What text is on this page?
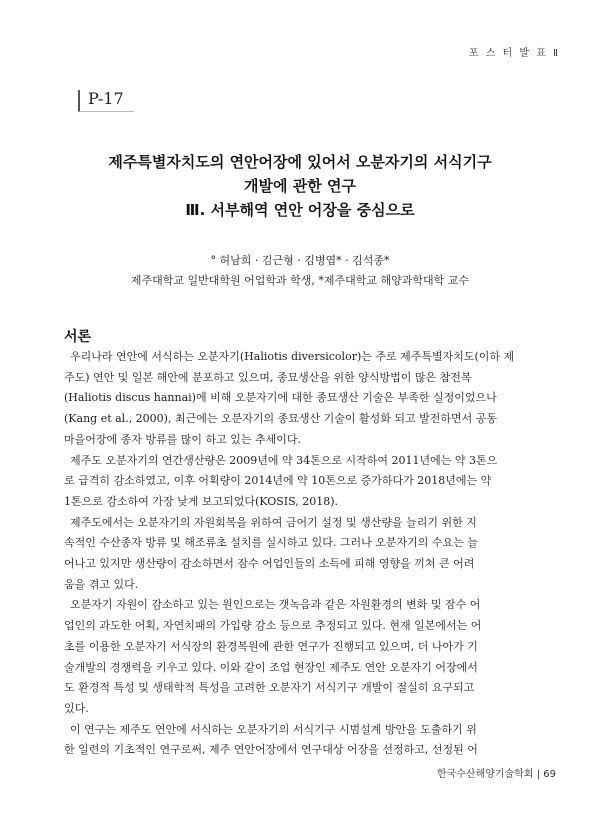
포 스 터 발 표 Ⅱ
P-17
제주특별자치도의 연안어장에 있어서 오분자기의 서식기구
개발에 관한 연구
Ⅲ. 서부해역 연안 어장을 중심으로
° 허남희 · 김근형 · 김병엽* · 김석종*
제주대학교 일반대학원 어업학과 학생, *제주대학교 해양과학대학 교수
서론
우리나라 연안에 서식하는 오분자기(Haliotis diversicolor)는 주로 제주특별자치도(이하 제
주도) 연안 및 일본 해안에 분포하고 있으며, 종묘생산을 위한 양식방법이 많은 참전복
(Haliotis discus hannai)에 비해 오분자기에 대한 종묘생산 기술은 부족한 실정이었으나
(Kang et al., 2000), 최근에는 오분자기의 종묘생산 기술이 활성화 되고 발전하면서 공동
마을어장에 종자 방류를 많이 하고 있는 추세이다.
제주도 오분자기의 연간생산량은 2009년에 약 34톤으로 시작하여 2011년에는 약 3톤으
로 급격히 감소하였고, 이후 어획량이 2014년에 약 10톤으로 증가하다가 2018년에는 약
1톤으로 감소하여 가장 낮게 보고되었다(KOSIS, 2018).
제주도에서는 오분자기의 자원회복을 위하여 금어기 설정 및 생산량을 늘리기 위한 지
속적인 수산종자 방류 및 해조류초 설치를 실시하고 있다. 그러나 오분자기의 수요는 늘
어나고 있지만 생산량이 감소하면서 잠수 어업인들의 소득에 피해 영향을 끼쳐 큰 어려
움을 겪고 있다.
오분자기 자원이 감소하고 있는 원인으로는 갯녹음과 같은 자원환경의 변화 및 잠수 어
업인의 과도한 어획, 자연치패의 가입량 감소 등으로 추정되고 있다. 현재 일본에서는 어
초를 이용한 오분자기 서식장의 환경복원에 관한 연구가 진행되고 있으며, 더 나아가 기
술개발의 경쟁력을 키우고 있다. 이와 같이 조업 현장인 제주도 연안 오분자기 어장에서
도 환경적 특성 및 생태학적 특성을 고려한 오분자기 서식기구 개발이 절실히 요구되고
있다.
이 연구는 제주도 연안에 서식하는 오분자기의 서식기구 시범설계 방안을 도출하기 위
한 일련의 기초적인 연구로써, 제주 연안어장에서 연구대상 어장을 선정하고, 선정된 어
한국수산해양기술학회 | 69
